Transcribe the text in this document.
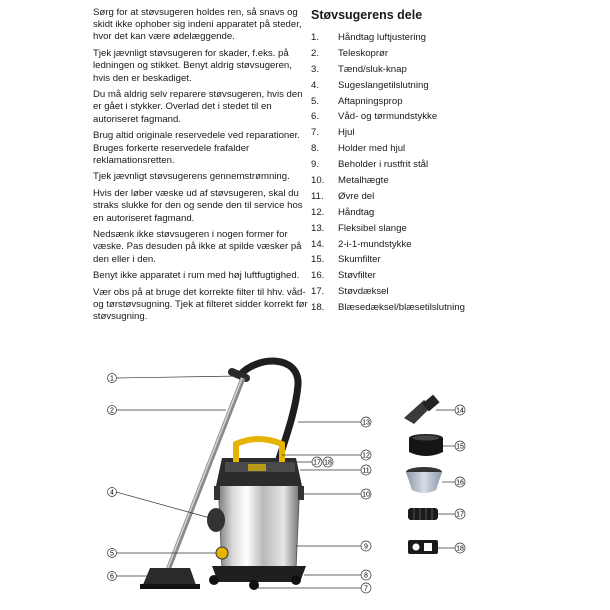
Sørg for at støvsugeren holdes ren, så snavs og skidt ikke ophober sig indeni apparatet på steder, hvor det kan være ødelæggende.

Tjek jævnligt støvsugeren for skader, f.eks. på ledningen og stikket. Benyt aldrig støvsugeren, hvis den er beskadiget.

Du må aldrig selv reparere støvsugeren, hvis den er gået i stykker. Overlad det i stedet til en autoriseret fagmand.

Brug altid originale reservedele ved reparationer. Bruges forkerte reservedele frafalder reklamationsretten.

Tjek jævnligt støvsugerens gennemstrømning.

Hvis der løber væske ud af støvsugeren, skal du straks slukke for den og sende den til service hos en autoriseret fagmand.

Nedsænk ikke støvsugeren i nogen former for væske. Pas desuden på ikke at spilde væsker på den eller i den.

Benyt ikke apparatet i rum med høj luftfugtighed.

Vær obs på at bruge det korrekte filter til hhv. våd- og tørstøvsugning. Tjek at filteret sidder korrekt før støvsugning.

Støvsugerens dele
1. Håndtag luftjustering
2. Teleskoprør
3. Tænd/sluk-knap
4. Sugeslangetilslutning
5. Aftapningsprop
6. Våd- og tørmundstykke
7. Hjul
8. Holder med hjul
9. Beholder i rustfrit stål
10. Metalhægte
11. Øvre del
12. Håndtag
13. Fleksibel slange
14. 2-i-1-mundstykke
15. Skumfilter
16. Støvfilter
17. Støvdæksel
18. Blæsedæksel/blæsetilslutning
1
2
4
5
6
13
12
11
10
9
8
7
17 18
14
15
16
17
18
